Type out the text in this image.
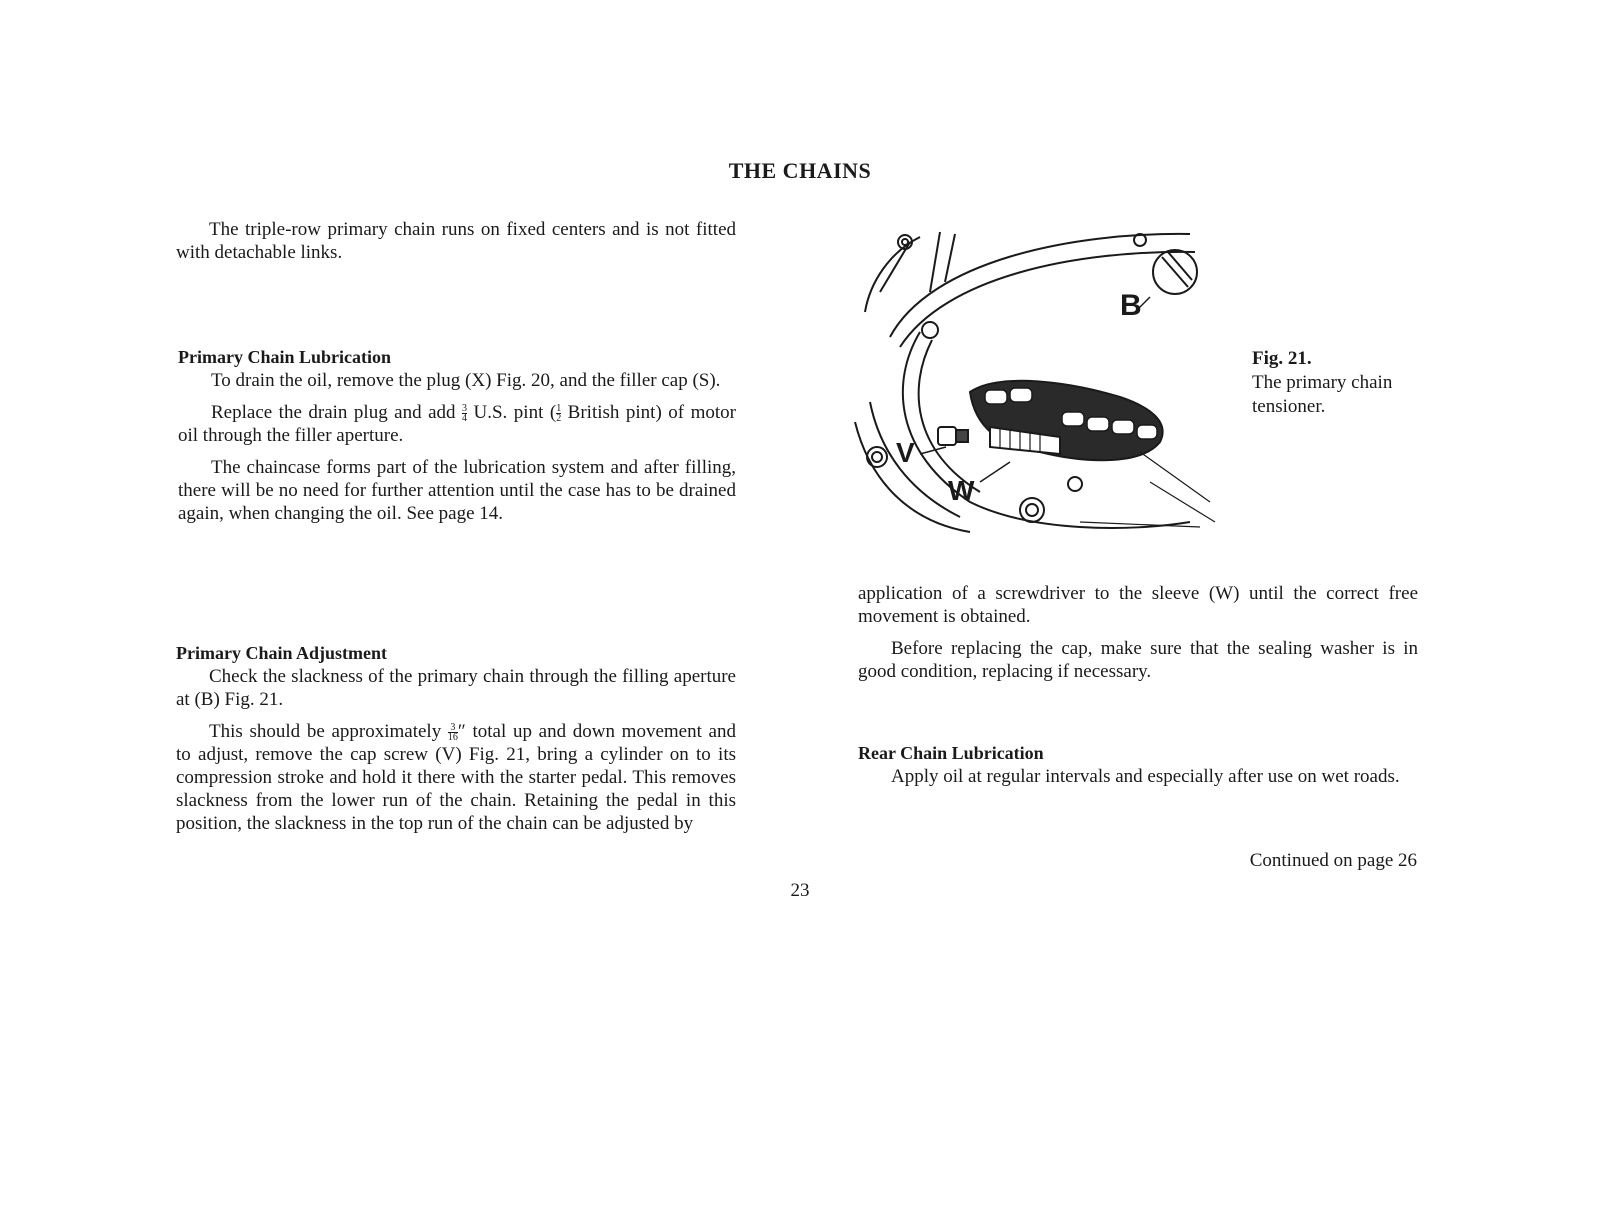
THE CHAINS

The triple-row primary chain runs on fixed centers and is not fitted with detachable links.

Primary Chain Lubrication

To drain the oil, remove the plug (X) Fig. 20, and the filler cap (S).

Replace the drain plug and add $\frac{3}{4} U.S$. pint ( $\frac{1}{2}$ British pint) of motor oil through the filler aperture.

The chaincase forms part of the lubrication system and after filling, there will be no need for further attention until the case has to be drained again, when changing the oil. See page 14.

Primary Chain Adjustment

Check the slackness of the primary chain through the filling aperture at (B) Fig. 21.

This should be approximately $\frac{3}{16}$ ″ total up and down movement and to adjust, remove the cap screw (V) Fig. 21, bring a cylinder on to its compression stroke and hold it there with the starter pedal. This removes slackness from the lower run of the chain. Retaining the pedal in this position, the slackness in the top run of the chain can be adjusted by

B
V
W
Fig. 21.
The primary chain tensioner.

application of a screwdriver to the sleeve (W) until the correct free movement is obtained.

Before replacing the cap, make sure that the sealing washer is in good condition, replacing if necessary.

Rear Chain Lubrication

Apply oil at regular intervals and especially after use on wet roads.

Continued on page 26
23
